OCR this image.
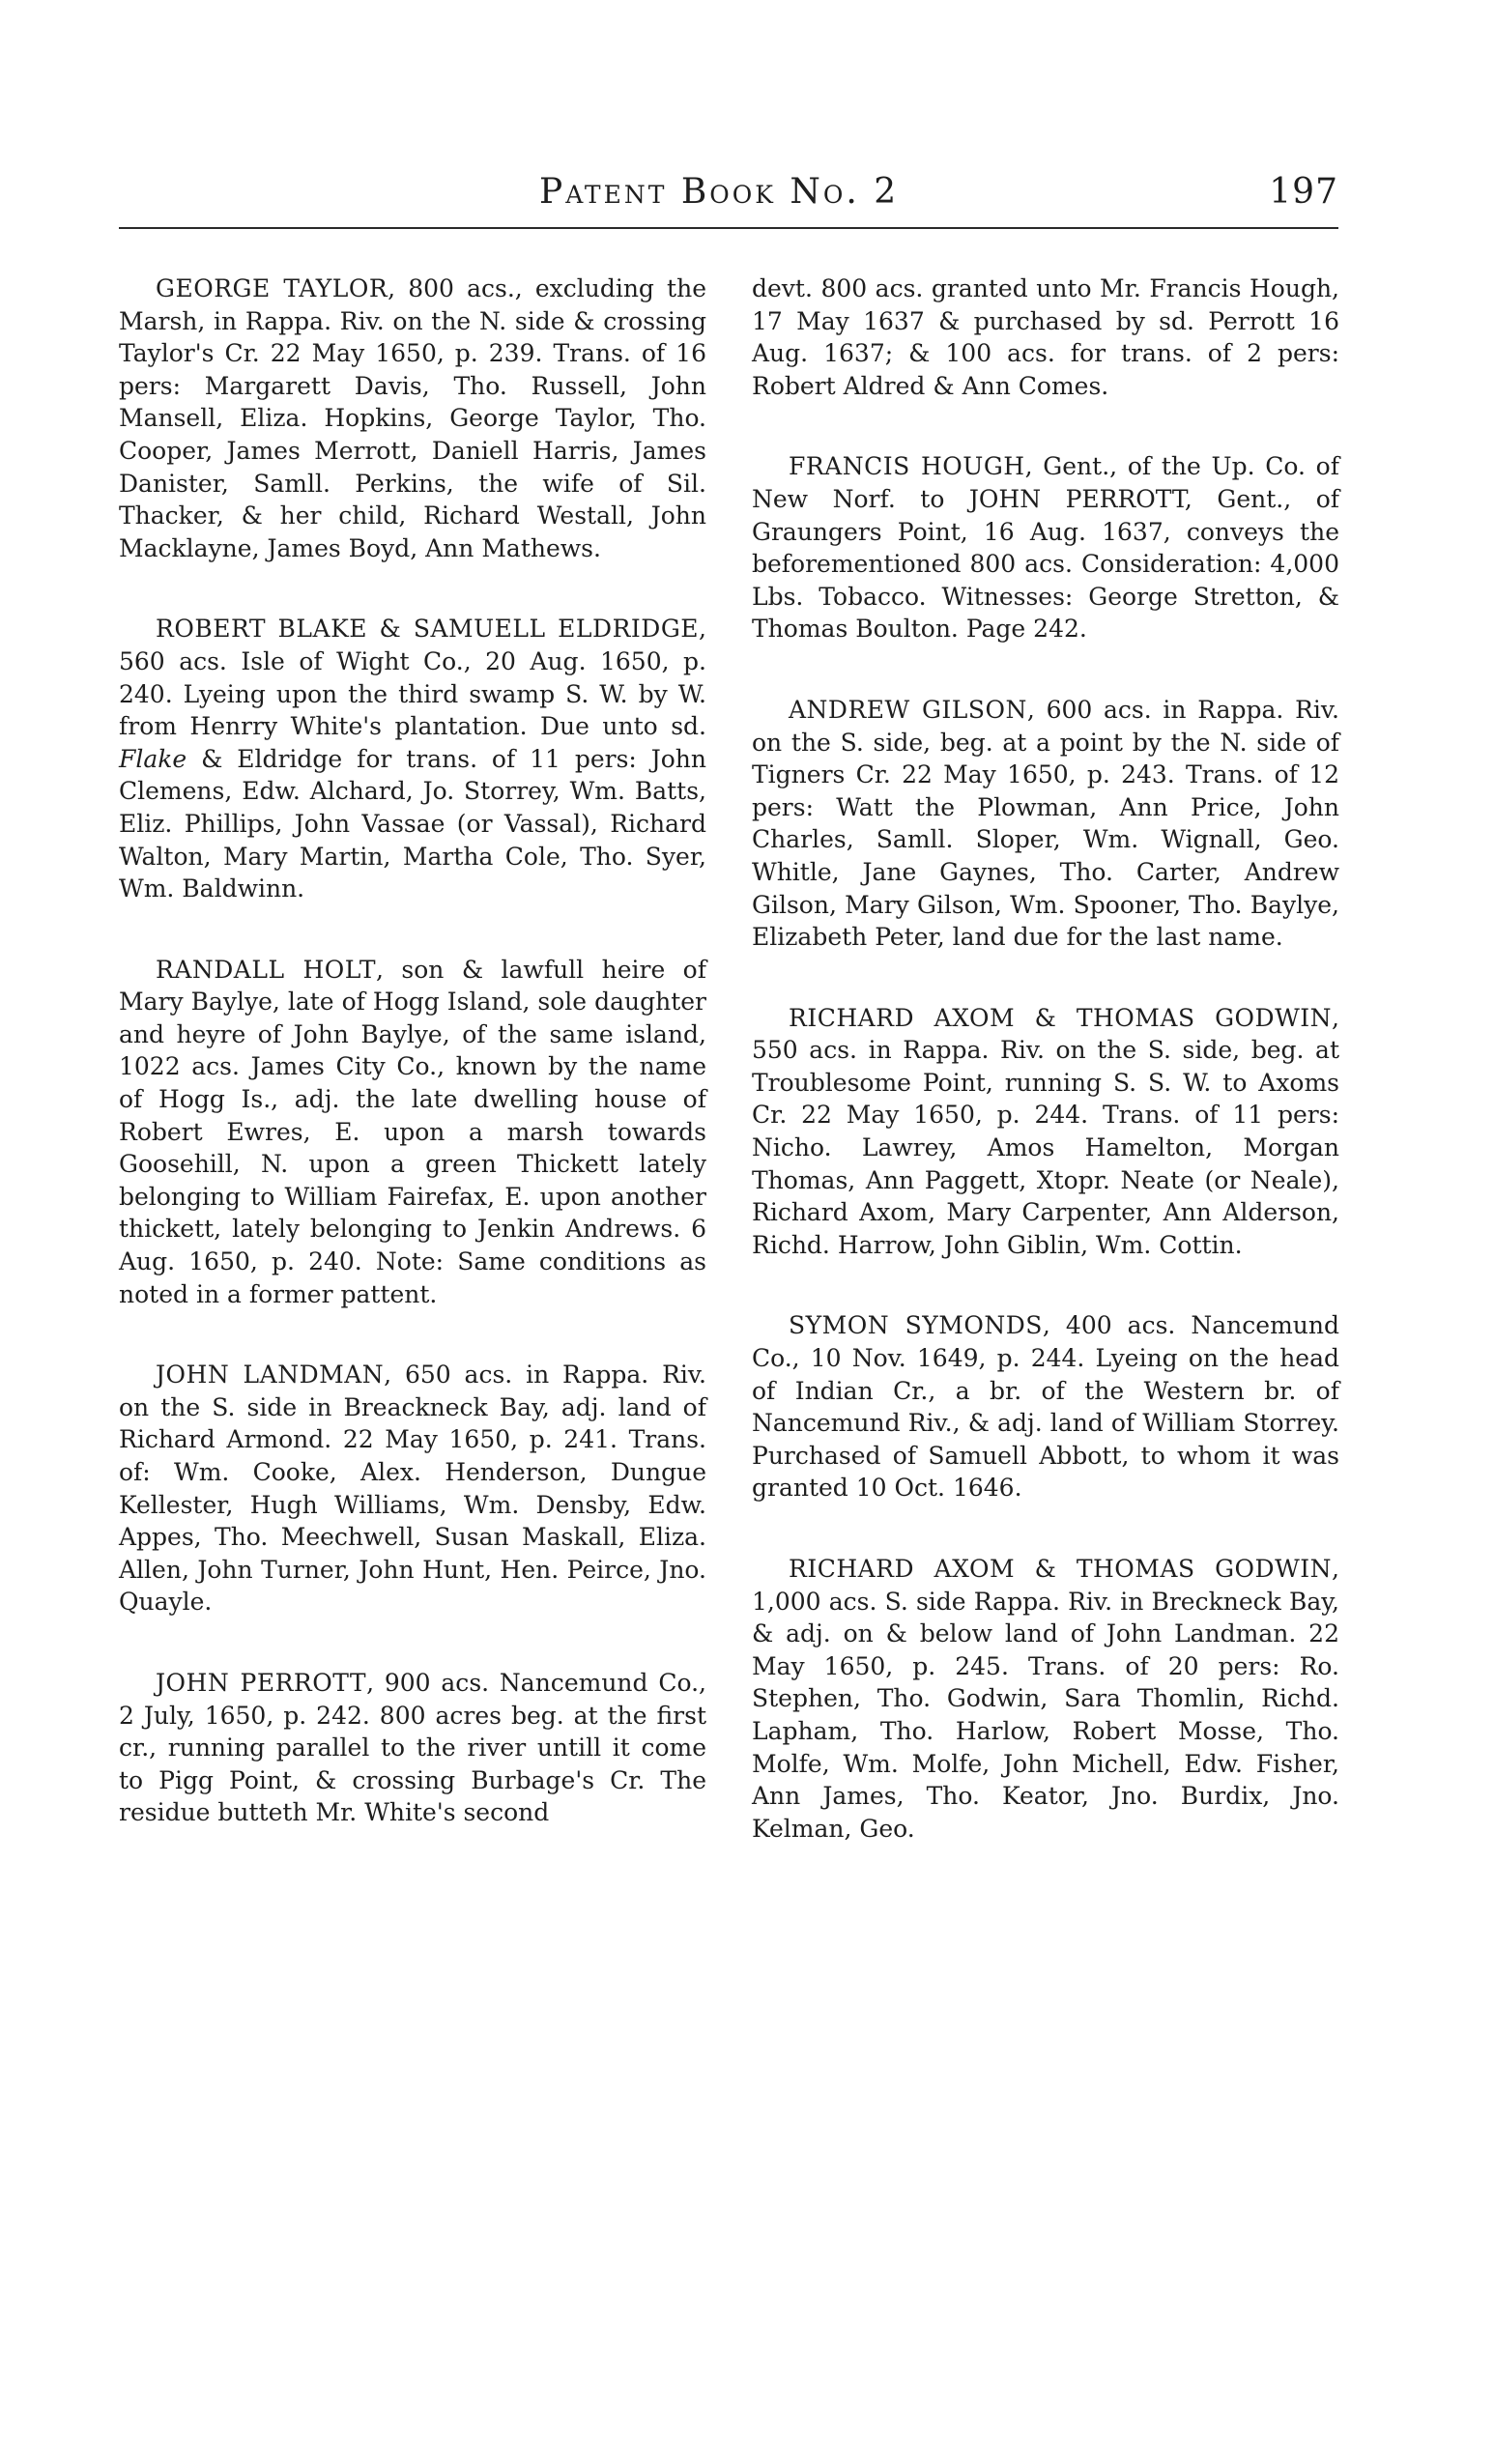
Patent Book No. 2	197

GEORGE TAYLOR, 800 acs., excluding the Marsh, in Rappa. Riv. on the N. side & crossing Taylor's Cr. 22 May 1650, p. 239. Trans. of 16 pers: Margarett Davis, Tho. Russell, John Mansell, Eliza. Hopkins, George Taylor, Tho. Cooper, James Merrott, Daniell Harris, James Danister, Samll. Perkins, the wife of Sil. Thacker, & her child, Richard Westall, John Macklayne, James Boyd, Ann Mathews.

ROBERT BLAKE & SAMUELL ELDRIDGE, 560 acs. Isle of Wight Co., 20 Aug. 1650, p. 240. Lyeing upon the third swamp S. W. by W. from Henrry White's plantation. Due unto sd. Flake & Eldridge for trans. of 11 pers: John Clemens, Edw. Alchard, Jo. Storrey, Wm. Batts, Eliz. Phillips, John Vassae (or Vassal), Richard Walton, Mary Martin, Martha Cole, Tho. Syer, Wm. Baldwinn.

RANDALL HOLT, son & lawfull heire of Mary Baylye, late of Hogg Island, sole daughter and heyre of John Baylye, of the same island, 1022 acs. James City Co., known by the name of Hogg Is., adj. the late dwelling house of Robert Ewres, E. upon a marsh towards Goosehill, N. upon a green Thickett lately belonging to William Fairefax, E. upon another thickett, lately belonging to Jenkin Andrews. 6 Aug. 1650, p. 240. Note: Same conditions as noted in a former pattent.

JOHN LANDMAN, 650 acs. in Rappa. Riv. on the S. side in Breackneck Bay, adj. land of Richard Armond. 22 May 1650, p. 241. Trans. of: Wm. Cooke, Alex. Henderson, Dungue Kellester, Hugh Williams, Wm. Densby, Edw. Appes, Tho. Meechwell, Susan Maskall, Eliza. Allen, John Turner, John Hunt, Hen. Peirce, Jno. Quayle.

JOHN PERROTT, 900 acs. Nancemund Co., 2 July, 1650, p. 242. 800 acres beg. at the first cr., running parallel to the river untill it come to Pigg Point, & crossing Burbage's Cr. The residue butteth Mr. White's second

devt. 800 acs. granted unto Mr. Francis Hough, 17 May 1637 & purchased by sd. Perrott 16 Aug. 1637; & 100 acs. for trans. of 2 pers: Robert Aldred & Ann Comes.

FRANCIS HOUGH, Gent., of the Up. Co. of New Norf. to JOHN PERROTT, Gent., of Graungers Point, 16 Aug. 1637, conveys the beforementioned 800 acs. Consideration: 4,000 Lbs. Tobacco. Witnesses: George Stretton, & Thomas Boulton. Page 242.

ANDREW GILSON, 600 acs. in Rappa. Riv. on the S. side, beg. at a point by the N. side of Tigners Cr. 22 May 1650, p. 243. Trans. of 12 pers: Watt the Plowman, Ann Price, John Charles, Samll. Sloper, Wm. Wignall, Geo. Whitle, Jane Gaynes, Tho. Carter, Andrew Gilson, Mary Gilson, Wm. Spooner, Tho. Baylye, Elizabeth Peter, land due for the last name.

RICHARD AXOM & THOMAS GODWIN, 550 acs. in Rappa. Riv. on the S. side, beg. at Troublesome Point, running S. S. W. to Axoms Cr. 22 May 1650, p. 244. Trans. of 11 pers: Nicho. Lawrey, Amos Hamelton, Morgan Thomas, Ann Paggett, Xtopr. Neate (or Neale), Richard Axom, Mary Carpenter, Ann Alderson, Richd. Harrow, John Giblin, Wm. Cottin.

SYMON SYMONDS, 400 acs. Nancemund Co., 10 Nov. 1649, p. 244. Lyeing on the head of Indian Cr., a br. of the Western br. of Nancemund Riv., & adj. land of William Storrey. Purchased of Samuell Abbott, to whom it was granted 10 Oct. 1646.

RICHARD AXOM & THOMAS GODWIN, 1,000 acs. S. side Rappa. Riv. in Breckneck Bay, & adj. on & below land of John Landman. 22 May 1650, p. 245. Trans. of 20 pers: Ro. Stephen, Tho. Godwin, Sara Thomlin, Richd. Lapham, Tho. Harlow, Robert Mosse, Tho. Molfe, Wm. Molfe, John Michell, Edw. Fisher, Ann James, Tho. Keator, Jno. Burdix, Jno. Kelman, Geo.
